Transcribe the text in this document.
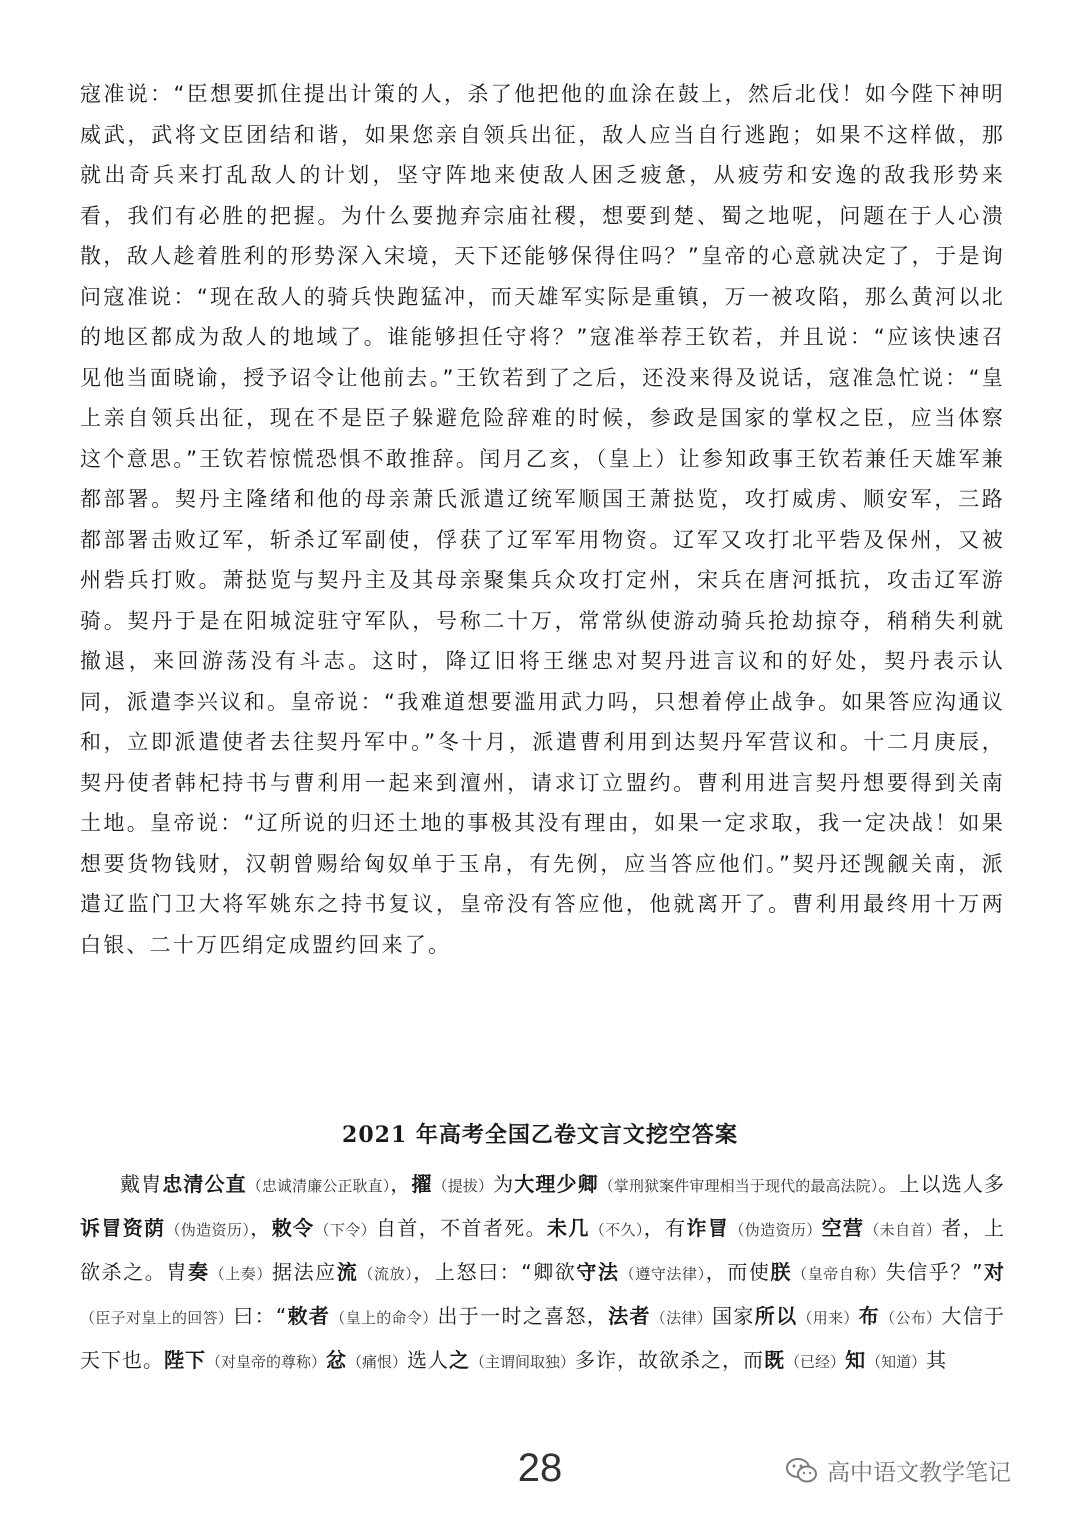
寇准说：“臣想要抓住提出计策的人，杀了他把他的血涂在鼓上，然后北伐！如今陛下神明威武，武将文臣团结和谐，如果您亲自领兵出征，敌人应当自行逃跑；如果不这样做，那就出奇兵来打乱敌人的计划，坚守阵地来使敌人困乏疲惫，从疲劳和安逸的敌我形势来看，我们有必胜的把握。为什么要抛弃宗庙社稷，想要到楚、蜀之地呢，问题在于人心溃散，敌人趁着胜利的形势深入宋境，天下还能够保得住吗？”皇帝的心意就决定了，于是询问寇准说：“现在敌人的骑兵快跑猛冲，而天雄军实际是重镇，万一被攻陷，那么黄河以北的地区都成为敌人的地域了。谁能够担任守将？”寇准举荐王钦若，并且说：“应该快速召见他当面晓谕，授予诏令让他前去。”王钦若到了之后，还没来得及说话，寇准急忙说：“皇上亲自领兵出征，现在不是臣子躲避危险辞难的时候，参政是国家的掌权之臣，应当体察这个意思。”王钦若惊慌恐惧不敢推辞。闰月乙亥，（皇上）让参知政事王钦若兼任天雄军兼都部署。契丹主隆绪和他的母亲萧氏派遣辽统军顺国王萧挞览，攻打威虏、顺安军，三路都部署击败辽军，斩杀辽军副使，俘获了辽军军用物资。辽军又攻打北平砦及保州，又被州砦兵打败。萧挞览与契丹主及其母亲聚集兵众攻打定州，宋兵在唐河抵抗，攻击辽军游骑。契丹于是在阳城淀驻守军队，号称二十万，常常纵使游动骑兵抢劫掠夺，稍稍失利就撤退，来回游荡没有斗志。这时，降辽旧将王继忠对契丹进言议和的好处，契丹表示认同，派遣李兴议和。皇帝说：“我难道想要滥用武力吗，只想着停止战争。如果答应沟通议和，立即派遣使者去往契丹军中。”冬十月，派遣曹利用到达契丹军营议和。十二月庚辰，契丹使者韩杞持书与曹利用一起来到澶州，请求订立盟约。曹利用进言契丹想要得到关南土地。皇帝说：“辽所说的归还土地的事极其没有理由，如果一定求取，我一定决战！如果想要货物钱财，汉朝曾赐给匈奴单于玉帛，有先例，应当答应他们。”契丹还觊觎关南，派遣辽监门卫大将军姚东之持书复议，皇帝没有答应他，他就离开了。曹利用最终用十万两白银、二十万匹绢定成盟约回来了。

2021 年高考全国乙卷文言文挖空答案

戴胄忠清公直（忠诚清廉公正耿直），擢（提拔）为大理少卿（掌刑狱案件审理相当于现代的最高法院）。上以选人多诉冒资荫（伪造资历），敕令（下令）自首，不首者死。未几（不久），有诈冒（伪造资历）空营（未自首）者，上欲杀之。胄奏（上奏）据法应流（流放），上怒曰：“卿欲守法（遵守法律），而使朕（皇帝自称）失信乎？”对（臣子对皇上的回答）曰：“敕者（皇上的命令）出于一时之喜怒，法者（法律）国家所以（用来）布（公布）大信于天下也。陛下（对皇帝的尊称）忿（痛恨）选人之（主谓间取独）多诈，故欲杀之，而既（已经）知（知道）其

28	高中语文教学笔记
